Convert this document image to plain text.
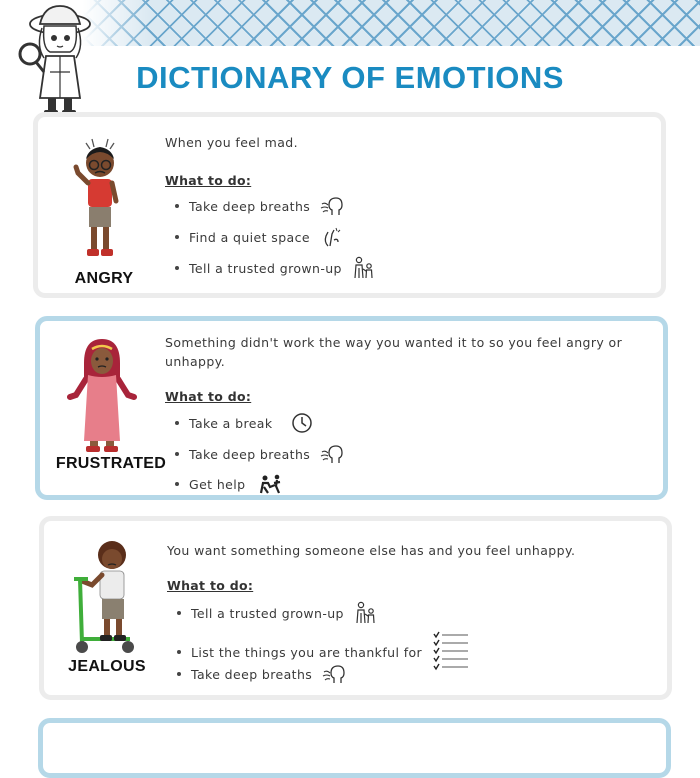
DICTIONARY OF EMOTIONS
ANGRY
When you feel mad.
What to do:
Take deep breaths
Find a quiet space
Tell a trusted grown-up
FRUSTRATED
Something didn't work the way you wanted it to so you feel angry or
unhappy.
What to do:
Take a break
Take deep breaths
Get help
JEALOUS
You want something someone else has and you feel unhappy.
What to do:
Tell a trusted grown-up
List the things you are thankful for
Take deep breaths
